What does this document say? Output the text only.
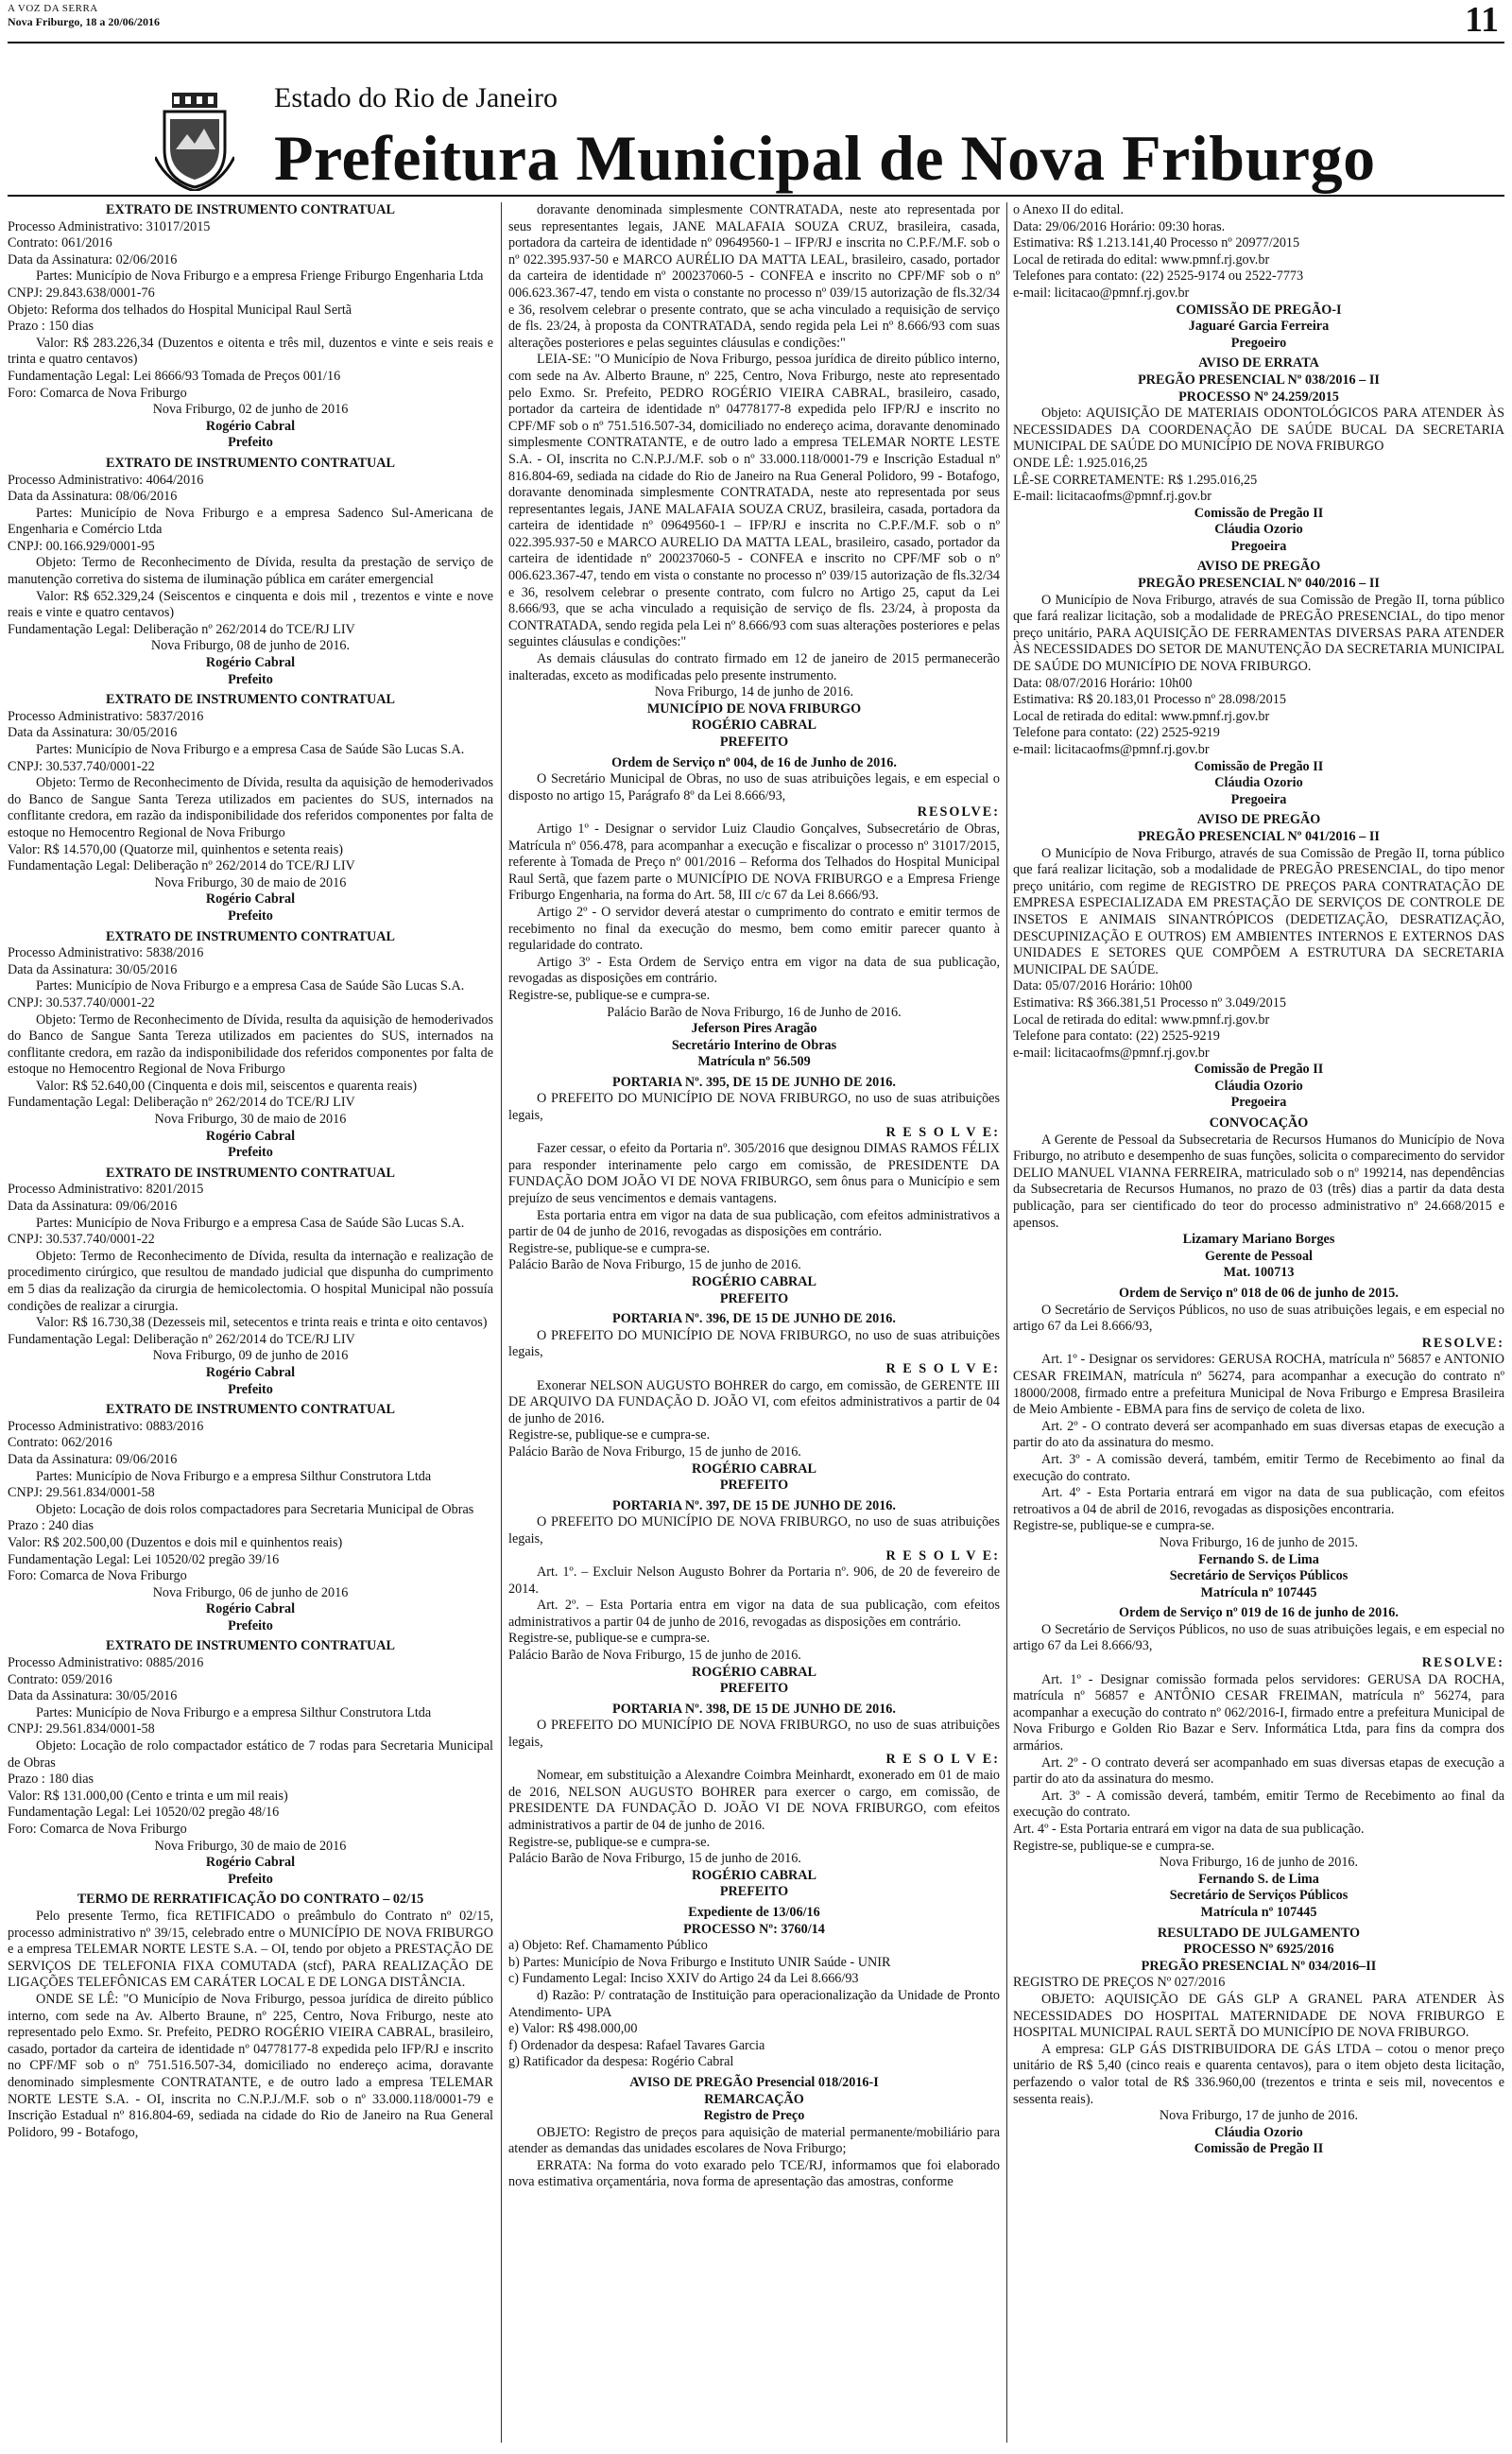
A VOZ DA SERRA
Nova Friburgo, 18 a 20/06/2016	11
Estado do Rio de Janeiro
Prefeitura Municipal de Nova Friburgo
EXTRATO DE INSTRUMENTO CONTRATUAL
Processo Administrativo: 31017/2015
Contrato: 061/2016
Data da Assinatura: 02/06/2016
Partes: Município de Nova Friburgo e a empresa Frienge Friburgo Engenharia Ltda
CNPJ: 29.843.638/0001-76
Objeto: Reforma dos telhados do Hospital Municipal Raul Sertã
Prazo : 150 dias
Valor: R$ 283.226,34 (Duzentos e oitenta e três mil, duzentos e vinte e seis reais e trinta e quatro centavos)
Fundamentação Legal: Lei 8666/93 Tomada de Preços 001/16
Foro: Comarca de Nova Friburgo
Nova Friburgo, 02 de junho de 2016
Rogério Cabral
Prefeito
EXTRATO DE INSTRUMENTO CONTRATUAL
Processo Administrativo: 4064/2016
Data da Assinatura: 08/06/2016
Partes: Município de Nova Friburgo e a empresa Sadenco Sul-Americana de Engenharia e Comércio Ltda
CNPJ: 00.166.929/0001-95
Objeto: Termo de Reconhecimento de Dívida, resulta da prestação de serviço de manutenção corretiva do sistema de iluminação pública em caráter emergencial
Valor: R$ 652.329,24 (Seiscentos e cinquenta e dois mil , trezentos e vinte e nove reais e vinte e quatro centavos)
Fundamentação Legal: Deliberação nº 262/2014 do TCE/RJ LIV
Nova Friburgo, 08 de junho de 2016.
Rogério Cabral
Prefeito
EXTRATO DE INSTRUMENTO CONTRATUAL
Processo Administrativo: 5837/2016
Data da Assinatura: 30/05/2016
Partes: Município de Nova Friburgo e a empresa Casa de Saúde São Lucas S.A.
CNPJ: 30.537.740/0001-22
Objeto: Termo de Reconhecimento de Dívida, resulta da aquisição de hemoderivados do Banco de Sangue Santa Tereza utilizados em pacientes do SUS, internados na conflitante credora, em razão da indisponibilidade dos referidos componentes por falta de estoque no Hemocentro Regional de Nova Friburgo
Valor: R$ 14.570,00 (Quatorze mil, quinhentos e setenta reais)
Fundamentação Legal: Deliberação nº 262/2014 do TCE/RJ LIV
Nova Friburgo, 30 de maio de 2016
Rogério Cabral
Prefeito
EXTRATO DE INSTRUMENTO CONTRATUAL
Processo Administrativo: 5838/2016
Data da Assinatura: 30/05/2016
Partes: Município de Nova Friburgo e a empresa Casa de Saúde São Lucas S.A.
CNPJ: 30.537.740/0001-22
Objeto: Termo de Reconhecimento de Dívida, resulta da aquisição de hemoderivados do Banco de Sangue Santa Tereza utilizados em pacientes do SUS, internados na conflitante credora, em razão da indisponibilidade dos referidos componentes por falta de estoque no Hemocentro Regional de Nova Friburgo
Valor: R$ 52.640,00 (Cinquenta e dois mil, seiscentos e quarenta reais)
Fundamentação Legal: Deliberação nº 262/2014 do TCE/RJ LIV
Nova Friburgo, 30 de maio de 2016
Rogério Cabral
Prefeito
EXTRATO DE INSTRUMENTO CONTRATUAL
Processo Administrativo: 8201/2015
Data da Assinatura: 09/06/2016
Partes: Município de Nova Friburgo e a empresa Casa de Saúde São Lucas S.A.
CNPJ: 30.537.740/0001-22
Objeto: Termo de Reconhecimento de Dívida, resulta da internação e realização de procedimento cirúrgico, que resultou de mandado judicial que dispunha do cumprimento em 5 dias da realização da cirurgia de hemicolectomia. O hospital Municipal não possuía condições de realizar a cirurgia.
Valor: R$ 16.730,38 (Dezesseis mil, setecentos e trinta reais e trinta e oito centavos)
Fundamentação Legal: Deliberação nº 262/2014 do TCE/RJ LIV
Nova Friburgo, 09 de junho de 2016
Rogério Cabral
Prefeito
EXTRATO DE INSTRUMENTO CONTRATUAL
Processo Administrativo: 0883/2016
Contrato: 062/2016
Data da Assinatura: 09/06/2016
Partes: Município de Nova Friburgo e a empresa Silthur Construtora Ltda
CNPJ: 29.561.834/0001-58
Objeto: Locação de dois rolos compactadores para Secretaria Municipal de Obras
Prazo : 240 dias
Valor: R$ 202.500,00 (Duzentos e dois mil e quinhentos reais)
Fundamentação Legal: Lei 10520/02 pregão 39/16
Foro: Comarca de Nova Friburgo
Nova Friburgo, 06 de junho de 2016
Rogério Cabral
Prefeito
EXTRATO DE INSTRUMENTO CONTRATUAL
Processo Administrativo: 0885/2016
Contrato: 059/2016
Data da Assinatura: 30/05/2016
Partes: Município de Nova Friburgo e a empresa Silthur Construtora Ltda
CNPJ: 29.561.834/0001-58
Objeto: Locação de rolo compactador estático de 7 rodas para Secretaria Municipal de Obras
Prazo : 180 dias
Valor: R$ 131.000,00 (Cento e trinta e um mil reais)
Fundamentação Legal: Lei 10520/02 pregão 48/16
Foro: Comarca de Nova Friburgo
Nova Friburgo, 30 de maio de 2016
Rogério Cabral
Prefeito
TERMO DE RERRATIFICAÇÃO DO CONTRATO – 02/15
Pelo presente Termo, fica RETIFICADO o preâmbulo do Contrato nº 02/15, processo administrativo nº 39/15, celebrado entre o MUNICÍPIO DE NOVA FRIBURGO e a empresa TELEMAR NORTE LESTE S.A. – OI, tendo por objeto a PRESTAÇÃO DE SERVIÇOS DE TELEFONIA FIXA COMUTADA (stcf), PARA REALIZAÇÃO DE LIGAÇÕES TELEFÔNICAS EM CARÁTER LOCAL E DE LONGA DISTÂNCIA.
ONDE SE LÊ: "O Município de Nova Friburgo, pessoa jurídica de direito público interno, com sede na Av. Alberto Braune, nº 225, Centro, Nova Friburgo, neste ato representado pelo Exmo. Sr. Prefeito, PEDRO ROGÉRIO VIEIRA CABRAL, brasileiro, casado, portador da carteira de identidade nº 04778177-8 expedida pelo IFP/RJ e inscrito no CPF/MF sob o nº 751.516.507-34, domiciliado no endereço acima, doravante denominado simplesmente CONTRATANTE, e de outro lado a empresa TELEMAR NORTE LESTE S.A. - OI, inscrita no C.N.P.J./M.F. sob o nº 33.000.118/0001-79 e Inscrição Estadual nº 816.804-69, sediada na cidade do Rio de Janeiro na Rua General Polidoro, 99 - Botafogo,
doravante denominada simplesmente CONTRATADA, neste ato representada por seus representantes legais, JANE MALAFAIA SOUZA CRUZ, brasileira, casada, portadora da carteira de identidade nº 09649560-1 – IFP/RJ e inscrita no C.P.F./M.F. sob o nº 022.395.937-50 e MARCO AURÉLIO DA MATTA LEAL, brasileiro, casado, portador da carteira de identidade nº 200237060-5 - CONFEA e inscrito no CPF/MF sob o nº 006.623.367-47, tendo em vista o constante no processo nº 039/15 autorização de fls.32/34 e 36, resolvem celebrar o presente contrato, que se acha vinculado a requisição de serviço de fls. 23/24, à proposta da CONTRATADA, sendo regida pela Lei nº 8.666/93 com suas alterações posteriores e pelas seguintes cláusulas e condições:"
LEIA-SE: "O Município de Nova Friburgo, pessoa jurídica de direito público interno, com sede na Av. Alberto Braune, nº 225, Centro, Nova Friburgo, neste ato representado pelo Exmo. Sr. Prefeito, PEDRO ROGÉRIO VIEIRA CABRAL, brasileiro, casado, portador da carteira de identidade nº 04778177-8 expedida pelo IFP/RJ e inscrito no CPF/MF sob o nº 751.516.507-34, domiciliado no endereço acima, doravante denominado simplesmente CONTRATANTE, e de outro lado a empresa TELEMAR NORTE LESTE S.A. - OI, inscrita no C.N.P.J./M.F. sob o nº 33.000.118/0001-79 e Inscrição Estadual nº 816.804-69, sediada na cidade do Rio de Janeiro na Rua General Polidoro, 99 - Botafogo, doravante denominada simplesmente CONTRATADA, neste ato representada por seus representantes legais, JANE MALAFAIA SOUZA CRUZ, brasileira, casada, portadora da carteira de identidade nº 09649560-1 – IFP/RJ e inscrita no C.P.F./M.F. sob o nº 022.395.937-50 e MARCO AURELIO DA MATTA LEAL, brasileiro, casado, portador da carteira de identidade nº 200237060-5 - CONFEA e inscrito no CPF/MF sob o nº 006.623.367-47, tendo em vista o constante no processo nº 039/15 autorização de fls.32/34 e 36, resolvem celebrar o presente contrato, com fulcro no Artigo 25, caput da Lei 8.666/93, que se acha vinculado a requisição de serviço de fls. 23/24, à proposta da CONTRATADA, sendo regida pela Lei nº 8.666/93 com suas alterações posteriores e pelas seguintes cláusulas e condições:"
As demais cláusulas do contrato firmado em 12 de janeiro de 2015 permanecerão inalteradas, exceto as modificadas pelo presente instrumento.
Nova Friburgo, 14 de junho de 2016.
MUNICÍPIO DE NOVA FRIBURGO
ROGÉRIO CABRAL
PREFEITO
Ordem de Serviço nº 004, de 16 de Junho de 2016.
O Secretário Municipal de Obras, no uso de suas atribuições legais, e em especial o disposto no artigo 15, Parágrafo 8º da Lei 8.666/93,
RESOLVE:
Artigo 1º - Designar o servidor Luiz Claudio Gonçalves, Subsecretário de Obras, Matrícula nº 056.478, para acompanhar a execução e fiscalizar o processo nº 31017/2015, referente à Tomada de Preço nº 001/2016 – Reforma dos Telhados do Hospital Municipal Raul Sertã, que fazem parte o MUNICÍPIO DE NOVA FRIBURGO e a Empresa Frienge Friburgo Engenharia, na forma do Art. 58, III c/c 67 da Lei 8.666/93.
Artigo 2º - O servidor deverá atestar o cumprimento do contrato e emitir termos de recebimento no final da execução do mesmo, bem como emitir parecer quanto à regularidade do contrato.
Artigo 3º - Esta Ordem de Serviço entra em vigor na data de sua publicação, revogadas as disposições em contrário.
Registre-se, publique-se e cumpra-se.
Palácio Barão de Nova Friburgo, 16 de Junho de 2016.
Jeferson Pires Aragão
Secretário Interino de Obras
Matrícula nº 56.509
PORTARIA Nº. 395, DE 15 DE JUNHO DE 2016.
O PREFEITO DO MUNICÍPIO DE NOVA FRIBURGO, no uso de suas atribuições legais,
R E S O L V E:
Fazer cessar, o efeito da Portaria nº. 305/2016 que designou DIMAS RAMOS FÉLIX para responder interinamente pelo cargo em comissão, de PRESIDENTE DA FUNDAÇÃO DOM JOÃO VI DE NOVA FRIBURGO, sem ônus para o Município e sem prejuízo de seus vencimentos e demais vantagens.
Esta portaria entra em vigor na data de sua publicação, com efeitos administrativos a partir de 04 de junho de 2016, revogadas as disposições em contrário.
Registre-se, publique-se e cumpra-se.
Palácio Barão de Nova Friburgo, 15 de junho de 2016.
ROGÉRIO CABRAL
PREFEITO
PORTARIA Nº. 396, DE 15 DE JUNHO DE 2016.
O PREFEITO DO MUNICÍPIO DE NOVA FRIBURGO, no uso de suas atribuições legais,
R E S O L V E:
Exonerar NELSON AUGUSTO BOHRER do cargo, em comissão, de GERENTE III DE ARQUIVO DA FUNDAÇÃO D. JOÃO VI, com efeitos administrativos a partir de 04 de junho de 2016.
Registre-se, publique-se e cumpra-se.
Palácio Barão de Nova Friburgo, 15 de junho de 2016.
ROGÉRIO CABRAL
PREFEITO
PORTARIA Nº. 397, DE 15 DE JUNHO DE 2016.
O PREFEITO DO MUNICÍPIO DE NOVA FRIBURGO, no uso de suas atribuições legais,
R E S O L V E:
Art. 1º. – Excluir Nelson Augusto Bohrer da Portaria nº. 906, de 20 de fevereiro de 2014.
Art. 2º. – Esta Portaria entra em vigor na data de sua publicação, com efeitos administrativos a partir 04 de junho de 2016, revogadas as disposições em contrário.
Registre-se, publique-se e cumpra-se.
Palácio Barão de Nova Friburgo, 15 de junho de 2016.
ROGÉRIO CABRAL
PREFEITO
PORTARIA Nº. 398, DE 15 DE JUNHO DE 2016.
O PREFEITO DO MUNICÍPIO DE NOVA FRIBURGO, no uso de suas atribuições legais,
R E S O L V E:
Nomear, em substituição a Alexandre Coimbra Meinhardt, exonerado em 01 de maio de 2016, NELSON AUGUSTO BOHRER para exercer o cargo, em comissão, de PRESIDENTE DA FUNDAÇÃO D. JOÃO VI DE NOVA FRIBURGO, com efeitos administrativos a partir de 04 de junho de 2016.
Registre-se, publique-se e cumpra-se.
Palácio Barão de Nova Friburgo, 15 de junho de 2016.
ROGÉRIO CABRAL
PREFEITO
Expediente de 13/06/16
PROCESSO Nº: 3760/14
a) Objeto: Ref. Chamamento Público
b) Partes: Município de Nova Friburgo e Instituto UNIR Saúde - UNIR
c) Fundamento Legal: Inciso XXIV do Artigo 24 da Lei 8.666/93
d) Razão: P/ contratação de Instituição para operacionalização da Unidade de Pronto Atendimento- UPA
e) Valor: R$ 498.000,00
f) Ordenador da despesa: Rafael Tavares Garcia
g) Ratificador da despesa: Rogério Cabral
AVISO DE PREGÃO Presencial 018/2016-I
REMARCAÇÃO
Registro de Preço
OBJETO: Registro de preços para aquisição de material permanente/mobiliário para atender as demandas das unidades escolares de Nova Friburgo;
ERRATA: Na forma do voto exarado pelo TCE/RJ, informamos que foi elaborado nova estimativa orçamentária, nova forma de apresentação das amostras, conforme
o Anexo II do edital.
Data: 29/06/2016 Horário: 09:30 horas.
Estimativa: R$ 1.213.141,40 Processo nº 20977/2015
Local de retirada do edital: www.pmnf.rj.gov.br
Telefones para contato: (22) 2525-9174 ou 2522-7773
e-mail: licitacao@pmnf.rj.gov.br
COMISSÃO DE PREGÃO-I
Jaguaré Garcia Ferreira
Pregoeiro
AVISO DE ERRATA
PREGÃO PRESENCIAL Nº 038/2016 – II
PROCESSO Nº 24.259/2015
Objeto: AQUISIÇÃO DE MATERIAIS ODONTOLÓGICOS PARA ATENDER ÀS NECESSIDADES DA COORDENAÇÃO DE SAÚDE BUCAL DA SECRETARIA MUNICIPAL DE SAÚDE DO MUNICÍPIO DE NOVA FRIBURGO
ONDE LÊ: 1.925.016,25
LÊ-SE CORRETAMENTE: R$ 1.295.016,25
E-mail: licitacaofms@pmnf.rj.gov.br
Comissão de Pregão II
Cláudia Ozorio
Pregoeira
AVISO DE PREGÃO
PREGÃO PRESENCIAL Nº 040/2016 – II
O Município de Nova Friburgo, através de sua Comissão de Pregão II, torna público que fará realizar licitação, sob a modalidade de PREGÃO PRESENCIAL, do tipo menor preço unitário, PARA AQUISIÇÃO DE FERRAMENTAS DIVERSAS PARA ATENDER ÀS NECESSIDADES DO SETOR DE MANUTENÇÃO DA SECRETARIA MUNICIPAL DE SAÚDE DO MUNICÍPIO DE NOVA FRIBURGO.
Data: 08/07/2016 Horário: 10h00
Estimativa: R$ 20.183,01 Processo nº 28.098/2015
Local de retirada do edital: www.pmnf.rj.gov.br
Telefone para contato: (22) 2525-9219
e-mail: licitacaofms@pmnf.rj.gov.br
Comissão de Pregão II
Cláudia Ozorio
Pregoeira
AVISO DE PREGÃO
PREGÃO PRESENCIAL Nº 041/2016 – II
O Município de Nova Friburgo, através de sua Comissão de Pregão II, torna público que fará realizar licitação, sob a modalidade de PREGÃO PRESENCIAL, do tipo menor preço unitário, com regime de REGISTRO DE PREÇOS PARA CONTRATAÇÃO DE EMPRESA ESPECIALIZADA EM PRESTAÇÃO DE SERVIÇOS DE CONTROLE DE INSETOS E ANIMAIS SINANTRÓPICOS (DEDETIZAÇÃO, DESRATIZAÇÃO, DESCUPINIZAÇÃO E OUTROS) EM AMBIENTES INTERNOS E EXTERNOS DAS UNIDADES E SETORES QUE COMPÕEM A ESTRUTURA DA SECRETARIA MUNICIPAL DE SAÚDE.
Data: 05/07/2016 Horário: 10h00
Estimativa: R$ 366.381,51 Processo nº 3.049/2015
Local de retirada do edital: www.pmnf.rj.gov.br
Telefone para contato: (22) 2525-9219
e-mail: licitacaofms@pmnf.rj.gov.br
Comissão de Pregão II
Cláudia Ozorio
Pregoeira
CONVOCAÇÃO
A Gerente de Pessoal da Subsecretaria de Recursos Humanos do Município de Nova Friburgo, no atributo e desempenho de suas funções, solicita o comparecimento do servidor DELIO MANUEL VIANNA FERREIRA, matriculado sob o nº 199214, nas dependências da Subsecretaria de Recursos Humanos, no prazo de 03 (três) dias a partir da data desta publicação, para ser cientificado do teor do processo administrativo nº 24.668/2015 e apensos.
Lizamary Mariano Borges
Gerente de Pessoal
Mat. 100713
Ordem de Serviço nº 018 de 06 de junho de 2015.
O Secretário de Serviços Públicos, no uso de suas atribuições legais, e em especial no artigo 67 da Lei 8.666/93,
RESOLVE:
Art. 1º - Designar os servidores: GERUSA ROCHA, matrícula nº 56857 e ANTONIO CESAR FREIMAN, matrícula nº 56274, para acompanhar a execução do contrato nº 18000/2008, firmado entre a prefeitura Municipal de Nova Friburgo e Empresa Brasileira de Meio Ambiente - EBMA para fins de serviço de coleta de lixo.
Art. 2º - O contrato deverá ser acompanhado em suas diversas etapas de execução a partir do ato da assinatura do mesmo.
Art. 3º - A comissão deverá, também, emitir Termo de Recebimento ao final da execução do contrato.
Art. 4º - Esta Portaria entrará em vigor na data de sua publicação, com efeitos retroativos a 04 de abril de 2016, revogadas as disposições encontraria.
Registre-se, publique-se e cumpra-se.
Nova Friburgo, 16 de junho de 2015.
Fernando S. de Lima
Secretário de Serviços Públicos
Matrícula nº 107445
Ordem de Serviço nº 019 de 16 de junho de 2016.
O Secretário de Serviços Públicos, no uso de suas atribuições legais, e em especial no artigo 67 da Lei 8.666/93,
RESOLVE:
Art. 1º - Designar comissão formada pelos servidores: GERUSA DA ROCHA, matrícula nº 56857 e ANTÔNIO CESAR FREIMAN, matrícula nº 56274, para acompanhar a execução do contrato nº 062/2016-I, firmado entre a prefeitura Municipal de Nova Friburgo e Golden Rio Bazar e Serv. Informática Ltda, para fins da compra dos armários.
Art. 2º - O contrato deverá ser acompanhado em suas diversas etapas de execução a partir do ato da assinatura do mesmo.
Art. 3º - A comissão deverá, também, emitir Termo de Recebimento ao final da execução do contrato.
Art. 4º - Esta Portaria entrará em vigor na data de sua publicação.
Registre-se, publique-se e cumpra-se.
Nova Friburgo, 16 de junho de 2016.
Fernando S. de Lima
Secretário de Serviços Públicos
Matrícula nº 107445
RESULTADO DE JULGAMENTO
PROCESSO Nº 6925/2016
PREGÃO PRESENCIAL Nº 034/2016–II
REGISTRO DE PREÇOS Nº 027/2016
OBJETO: AQUISIÇÃO DE GÁS GLP A GRANEL PARA ATENDER ÀS NECESSIDADES DO HOSPITAL MATERNIDADE DE NOVA FRIBURGO E HOSPITAL MUNICIPAL RAUL SERTÃ DO MUNICÍPIO DE NOVA FRIBURGO.
A empresa: GLP GÁS DISTRIBUIDORA DE GÁS LTDA – cotou o menor preço unitário de R$ 5,40 (cinco reais e quarenta centavos), para o item objeto desta licitação, perfazendo o valor total de R$ 336.960,00 (trezentos e trinta e seis mil, novecentos e sessenta reais).
Nova Friburgo, 17 de junho de 2016.
Cláudia Ozorio
Comissão de Pregão II
